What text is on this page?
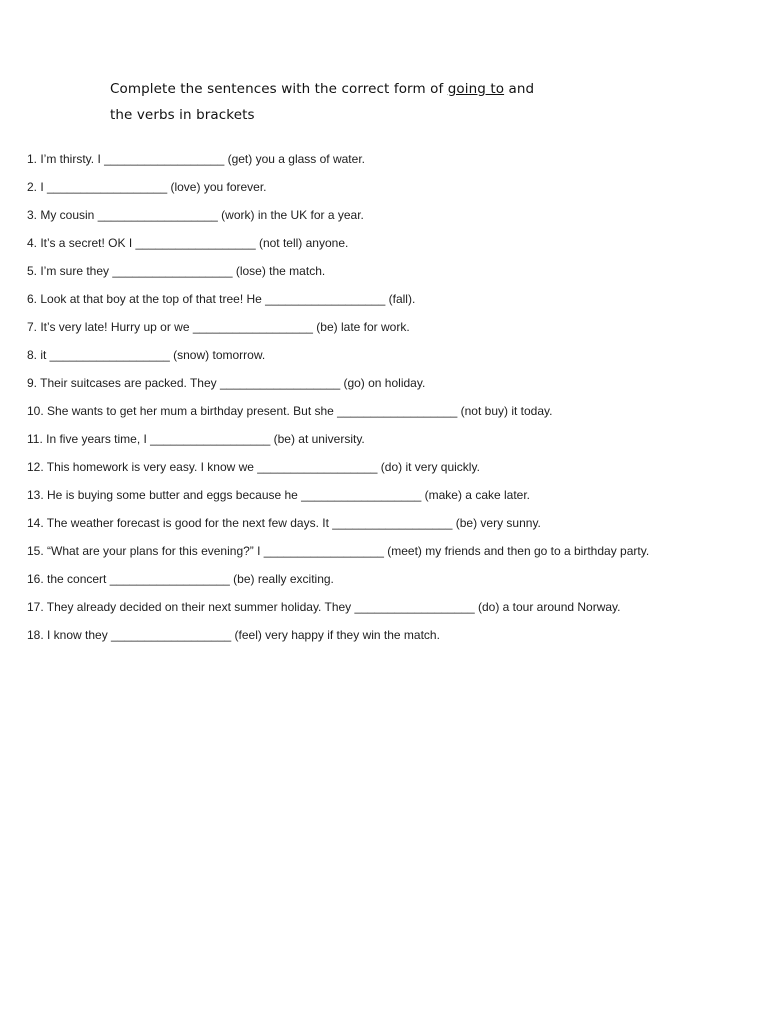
Complete the sentences with the correct form of going to and
the verbs in brackets
1. I’m thirsty. I __________________ (get) you a glass of water.
2. I __________________ (love) you forever.
3. My cousin __________________ (work) in the UK for a year.
4. It’s a secret! OK I __________________ (not tell) anyone.
5. I’m sure they __________________ (lose) the match.
6. Look at that boy at the top of that tree! He __________________ (fall).
7. It’s very late! Hurry up or we __________________ (be) late for work.
8. it __________________ (snow) tomorrow.
9. Their suitcases are packed. They __________________ (go) on holiday.
10. She wants to get her mum a birthday present. But she __________________ (not buy) it today.
11. In five years time, I __________________ (be) at university.
12. This homework is very easy. I know we __________________ (do) it very quickly.
13. He is buying some butter and eggs because he __________________ (make) a cake later.
14. The weather forecast is good for the next few days. It __________________ (be) very sunny.
15. “What are your plans for this evening?” I __________________ (meet) my friends and then go to a birthday party.
16. the concert __________________ (be) really exciting.
17. They already decided on their next summer holiday. They __________________ (do) a tour around Norway.
18. I know they __________________ (feel) very happy if they win the match.
